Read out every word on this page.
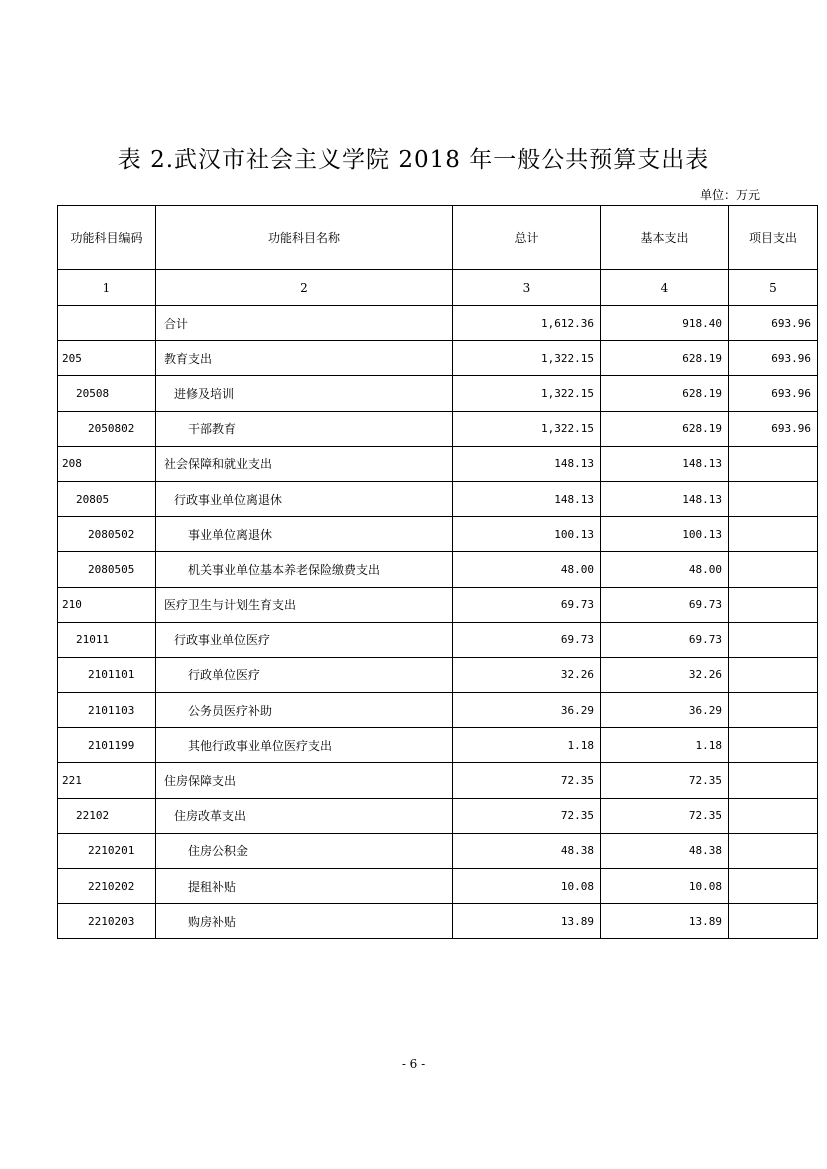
表 2.武汉市社会主义学院 2018 年一般公共预算支出表
单位：万元
功能科目编码	功能科目名称	总计	基本支出	项目支出
1	2	3	4	5
	合计	1,612.36	918.40	693.96
205	教育支出	1,322.15	628.19	693.96
20508	进修及培训	1,322.15	628.19	693.96
2050802	干部教育	1,322.15	628.19	693.96
208	社会保障和就业支出	148.13	148.13	
20805	行政事业单位离退休	148.13	148.13	
2080502	事业单位离退休	100.13	100.13	
2080505	机关事业单位基本养老保险缴费支出	48.00	48.00	
210	医疗卫生与计划生育支出	69.73	69.73	
21011	行政事业单位医疗	69.73	69.73	
2101101	行政单位医疗	32.26	32.26	
2101103	公务员医疗补助	36.29	36.29	
2101199	其他行政事业单位医疗支出	1.18	1.18	
221	住房保障支出	72.35	72.35	
22102	住房改革支出	72.35	72.35	
2210201	住房公积金	48.38	48.38	
2210202	提租补贴	10.08	10.08	
2210203	购房补贴	13.89	13.89	
- 6 -
